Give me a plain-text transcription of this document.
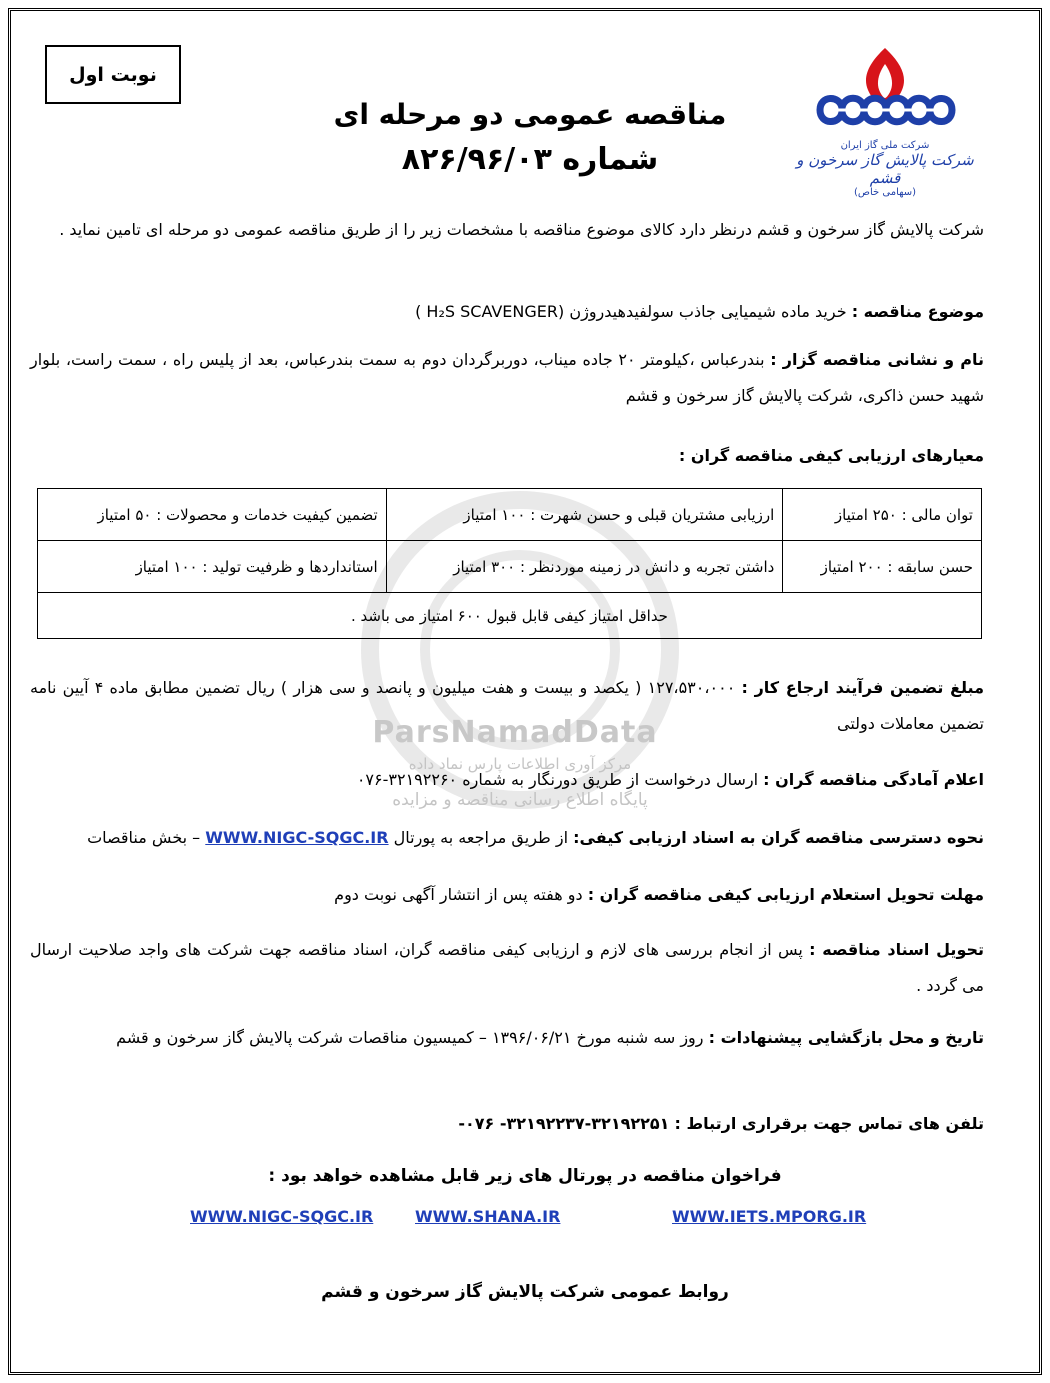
ParsNamadData
مرکز آوری اطلاعات پارس نماد داده
پایگاه اطلاع رسانی مناقصه و مزایده
نوبت اول
مناقصه عمومی دو مرحله ای
شماره ۸۲۶/۹۶/۰۳	شرکت ملی گاز ایران
شرکت پالایش گاز سرخون و قشم
(سهامی خاص)
شرکت پالایش گاز سرخون و قشم درنظر دارد کالای موضوع مناقصه با مشخصات زیر را از طریق مناقصه عمومی دو مرحله ای تامین نماید .
موضوع مناقصه : خرید ماده شیمیایی جاذب سولفیدهیدروژن (H₂S SCAVENGER )
نام و نشانی مناقصه گزار : بندرعباس ،کیلومتر ۲۰ جاده میناب، دوربرگردان دوم به سمت بندرعباس، بعد از پلیس راه ، سمت راست، بلوار شهید حسن ذاکری، شرکت پالایش گاز سرخون و قشم
معیارهای ارزیابی کیفی مناقصه گران :
توان مالی : ۲۵۰ امتیاز	ارزیابی مشتریان قبلی و حسن شهرت : ۱۰۰ امتیاز	تضمین کیفیت خدمات و محصولات : ۵۰ امتیاز
حسن سابقه : ۲۰۰ امتیاز	داشتن تجربه و دانش در زمینه موردنظر : ۳۰۰ امتیاز	استانداردها و ظرفیت تولید : ۱۰۰ امتیاز
حداقل امتیاز کیفی قابل قبول ۶۰۰ امتیاز می باشد .		
مبلغ تضمین فرآیند ارجاع کار : ۱۲۷،۵۳۰،۰۰۰ ( یکصد و بیست و هفت میلیون و پانصد و سی هزار ) ریال تضمین مطابق ماده ۴ آیین نامه تضمین معاملات دولتی
اعلام آمادگی مناقصه گران : ارسال درخواست از طریق دورنگار به شماره ۳۲۱۹۲۲۶۰-۰۷۶
نحوه دسترسی مناقصه گران به اسناد ارزیابی کیفی: از طریق مراجعه به پورتال WWW.NIGC-SQGC.IR – بخش مناقصات
مهلت تحویل استعلام ارزیابی کیفی مناقصه گران : دو هفته پس از انتشار آگهی نوبت دوم
تحویل اسناد مناقصه : پس از انجام بررسی های لازم و ارزیابی کیفی مناقصه گران، اسناد مناقصه جهت شرکت های واجد صلاحیت ارسال می گردد .
تاریخ و محل بازگشایی پیشنهادات : روز سه شنبه مورخ ۱۳۹۶/۰۶/۲۱ – کمیسیون مناقصات شرکت پالایش گاز سرخون و قشم
تلفن های تماس جهت برقراری ارتباط : ۳۲۱۹۲۲۵۱-۳۲۱۹۲۲۳۷- ۰۷۶-
فراخوان مناقصه در پورتال های زیر قابل مشاهده خواهد بود :
WWW.NIGC-SQGC.IR	WWW.SHANA.IR	WWW.IETS.MPORG.IR
روابط عمومی شرکت پالایش گاز سرخون و قشم
